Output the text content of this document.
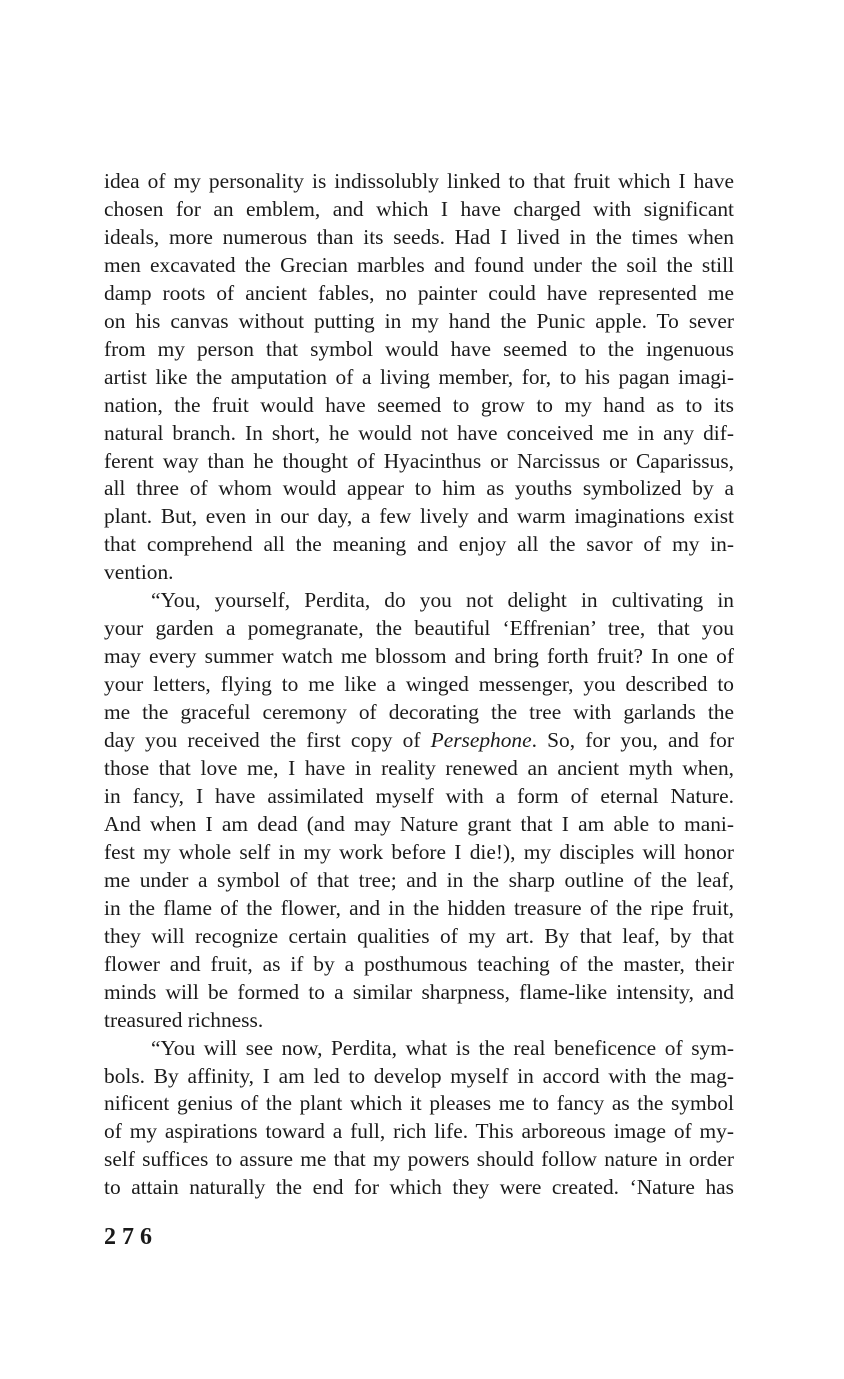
idea of my personality is indissolubly linked to that fruit which I have
chosen for an emblem, and which I have charged with significant
ideals, more numerous than its seeds. Had I lived in the times when
men excavated the Grecian marbles and found under the soil the still
damp roots of ancient fables, no painter could have represented me
on his canvas without putting in my hand the Punic apple. To sever
from my person that symbol would have seemed to the ingenuous
artist like the amputation of a living member, for, to his pagan imagi-
nation, the fruit would have seemed to grow to my hand as to its
natural branch. In short, he would not have conceived me in any dif-
ferent way than he thought of Hyacinthus or Narcissus or Caparissus,
all three of whom would appear to him as youths symbolized by a
plant. But, even in our day, a few lively and warm imaginations exist
that comprehend all the meaning and enjoy all the savor of my in-
vention.
“You, yourself, Perdita, do you not delight in cultivating in
your garden a pomegranate, the beautiful ‘Effrenian’ tree, that you
may every summer watch me blossom and bring forth fruit? In one of
your letters, flying to me like a winged messenger, you described to
me the graceful ceremony of decorating the tree with garlands the
day you received the first copy of Persephone. So, for you, and for
those that love me, I have in reality renewed an ancient myth when,
in fancy, I have assimilated myself with a form of eternal Nature.
And when I am dead (and may Nature grant that I am able to mani-
fest my whole self in my work before I die!), my disciples will honor
me under a symbol of that tree; and in the sharp outline of the leaf,
in the flame of the flower, and in the hidden treasure of the ripe fruit,
they will recognize certain qualities of my art. By that leaf, by that
flower and fruit, as if by a posthumous teaching of the master, their
minds will be formed to a similar sharpness, flame-like intensity, and
treasured richness.
“You will see now, Perdita, what is the real beneficence of sym-
bols. By affinity, I am led to develop myself in accord with the mag-
nificent genius of the plant which it pleases me to fancy as the symbol
of my aspirations toward a full, rich life. This arboreous image of my-
self suffices to assure me that my powers should follow nature in order
to attain naturally the end for which they were created. ‘Nature has
276
